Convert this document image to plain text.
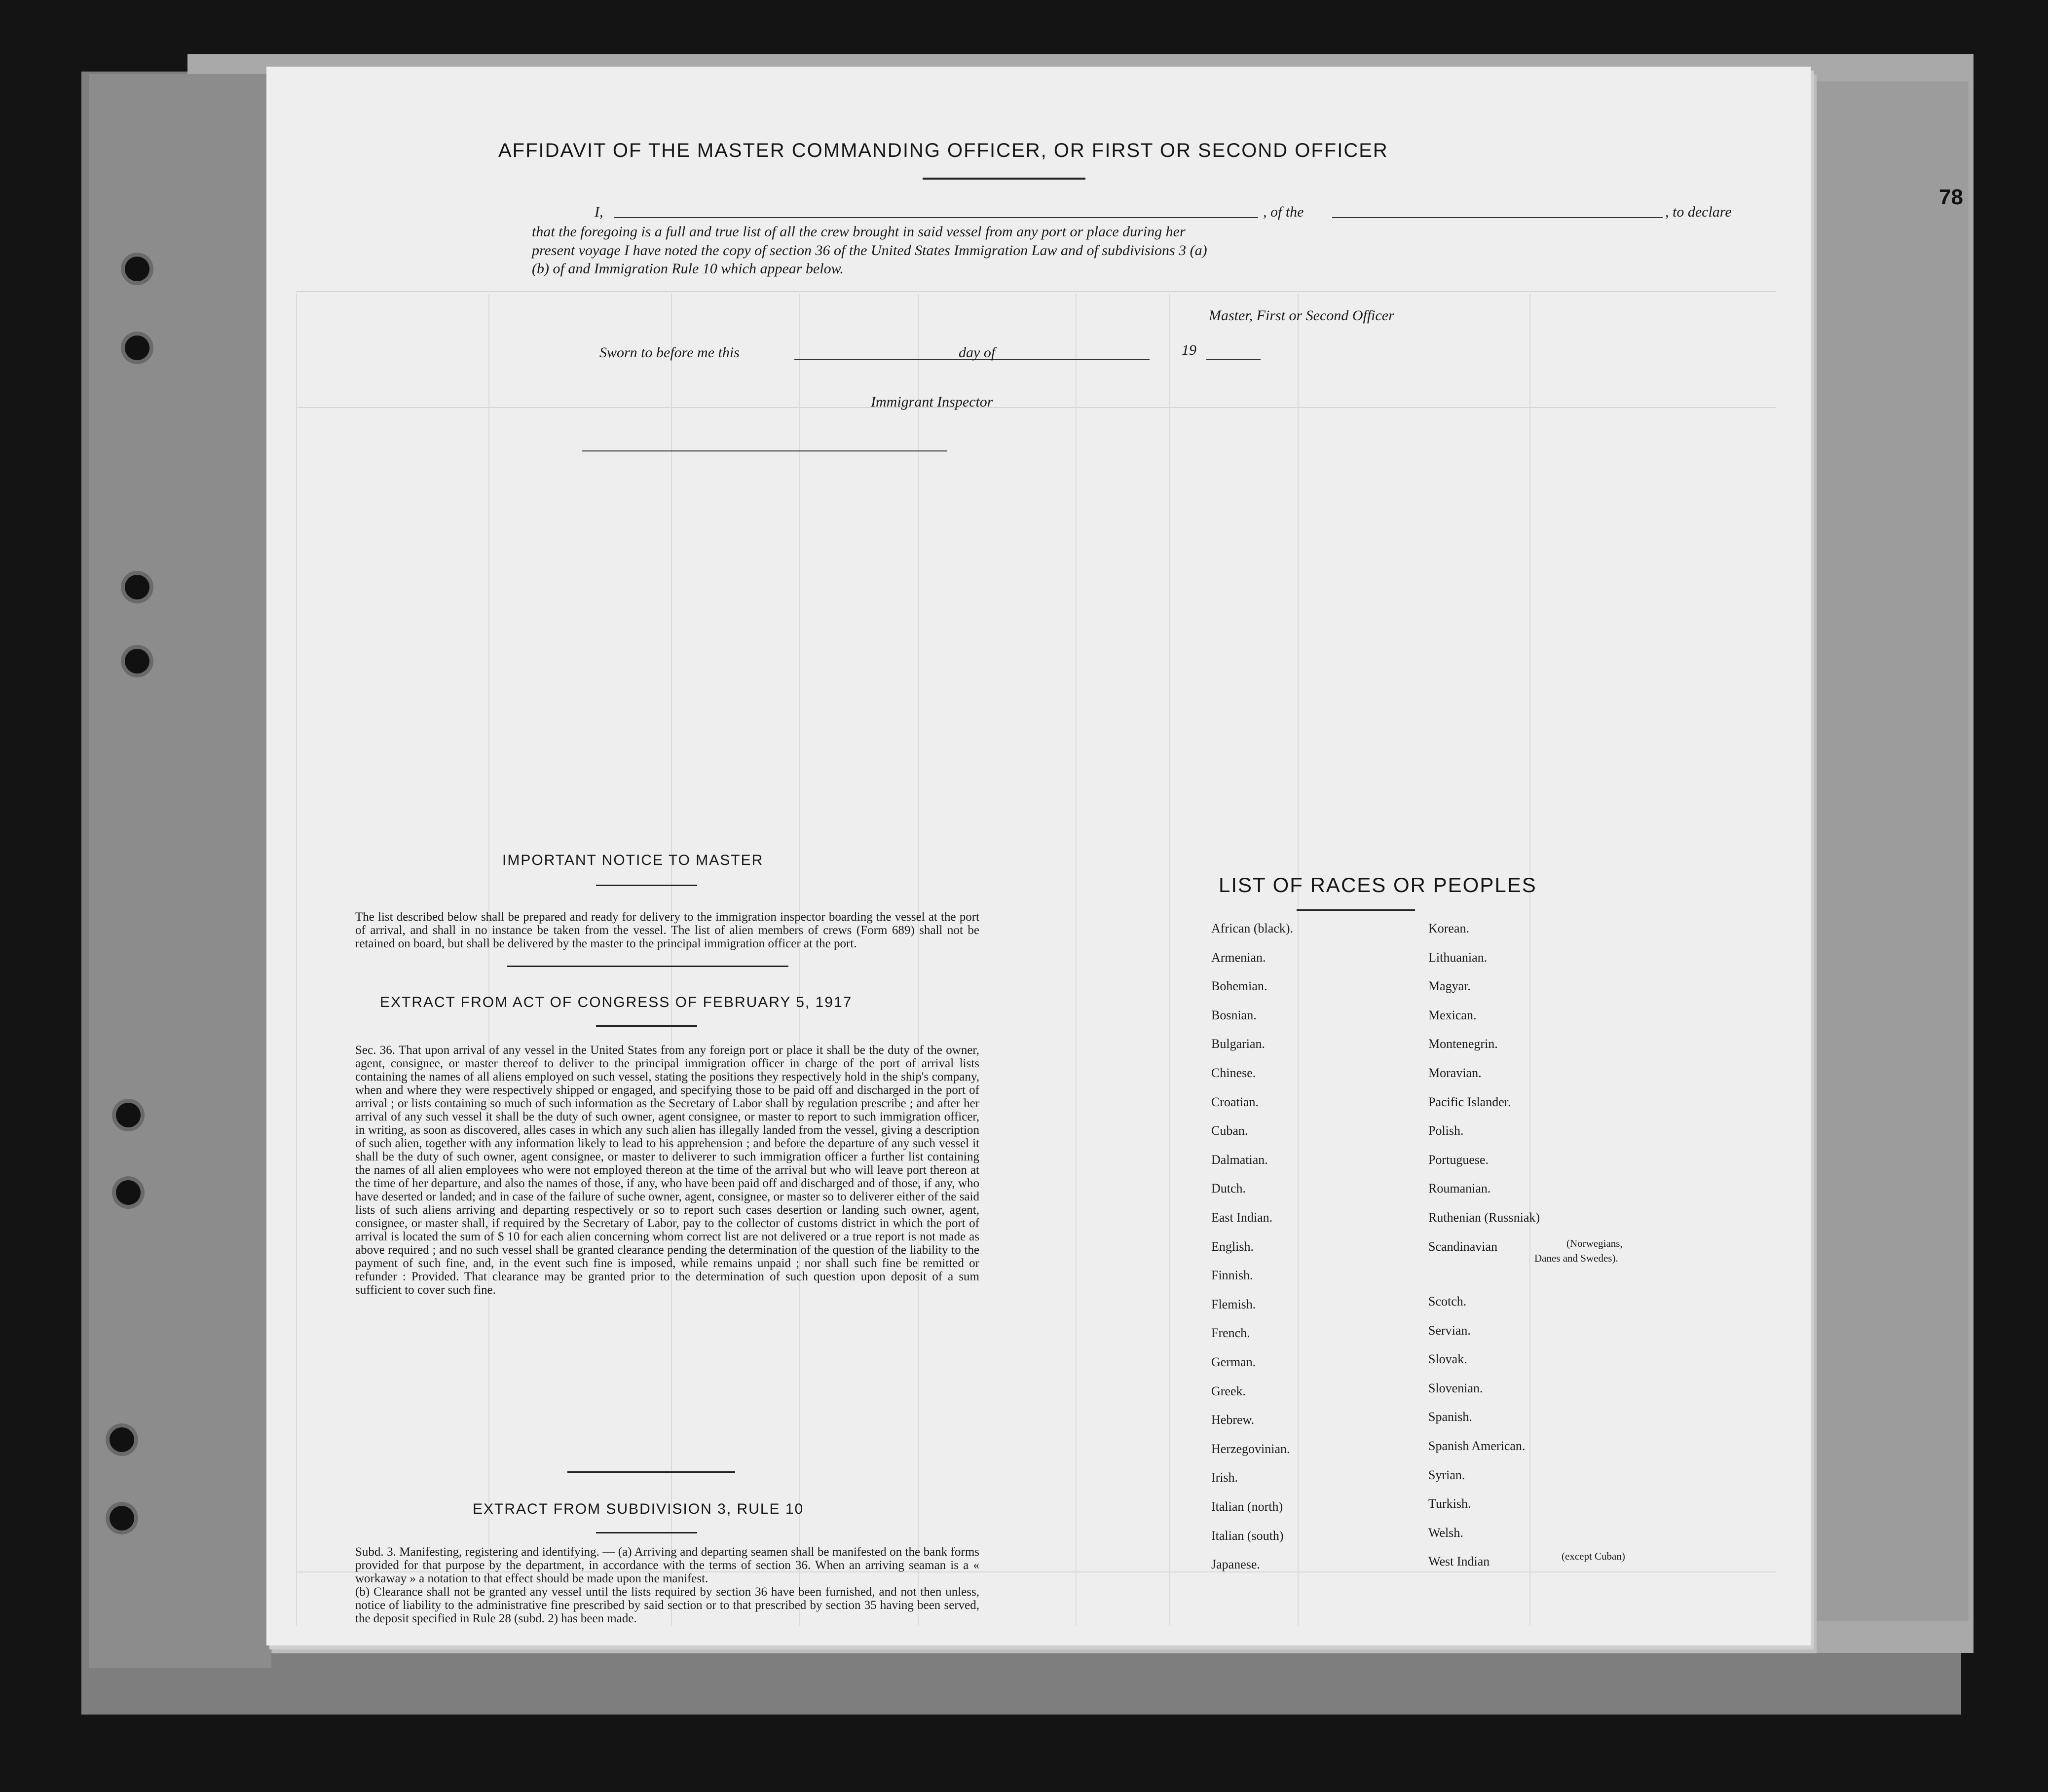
78
AFFIDAVIT OF THE MASTER COMMANDING OFFICER, OR FIRST OR SECOND OFFICER
I,	, of the	, to declare
that the foregoing is a full and true list of all the crew brought in said vessel from any port or place during her
present voyage I have noted the copy of section 36 of the United States Immigration Law and of subdivisions 3 (a)
(b) of and Immigration Rule 10 which appear below.
Master, First or Second Officer
Sworn to before me this	day of	19
Immigrant Inspector
IMPORTANT NOTICE TO MASTER
The list described below shall be prepared and ready for delivery to the immigration inspector boarding the vessel at the port of arrival, and shall in no instance be taken from the vessel. The list of alien members of crews (Form 689) shall not be retained on board, but shall be delivered by the master to the principal immigration officer at the port.
EXTRACT FROM ACT OF CONGRESS OF FEBRUARY 5, 1917
Sec. 36. That upon arrival of any vessel in the United States from any foreign port or place it shall be the duty of the owner, agent, consignee, or master thereof to deliver to the principal immigration officer in charge of the port of arrival lists containing the names of all aliens employed on such vessel, stating the positions they respectively hold in the ship's company, when and where they were respectively shipped or engaged, and specifying those to be paid off and discharged in the port of arrival ; or lists containing so much of such information as the Secretary of Labor shall by regulation prescribe ; and after her arrival of any such vessel it shall be the duty of such owner, agent consignee, or master to report to such immigration officer, in writing, as soon as discovered, alles cases in which any such alien has illegally landed from the vessel, giving a description of such alien, together with any information likely to lead to his apprehension ; and before the departure of any such vessel it shall be the duty of such owner, agent consignee, or master to deliverer to such immigration officer a further list containing the names of all alien employees who were not employed thereon at the time of the arrival but who will leave port thereon at the time of her departure, and also the names of those, if any, who have been paid off and discharged and of those, if any, who have deserted or landed; and in case of the failure of suche owner, agent, consignee, or master so to deliverer either of the said lists of such aliens arriving and departing respectively or so to report such cases desertion or landing such owner, agent, consignee, or master shall, if required by the Secretary of Labor, pay to the collector of customs district in which the port of arrival is located the sum of $ 10 for each alien concerning whom correct list are not delivered or a true report is not made as above required ; and no such vessel shall be granted clearance pending the determination of the question of the liability to the payment of such fine, and, in the event such fine is imposed, while remains unpaid ; nor shall such fine be remitted or refunder : Provided. That clearance may be granted prior to the determination of such question upon deposit of a sum sufficient to cover such fine.
EXTRACT FROM SUBDIVISION 3, RULE 10
Subd. 3. Manifesting, registering and identifying. — (a) Arriving and departing seamen shall be manifested on the bank forms provided for that purpose by the department, in accordance with the terms of section 36. When an arriving seaman is a « workaway » a notation to that effect should be made upon the manifest.
(b) Clearance shall not be granted any vessel until the lists required by section 36 have been furnished, and not then unless, notice of liability to the administrative fine prescribed by said section or to that prescribed by section 35 having been served, the deposit specified in Rule 28 (subd. 2) has been made.
LIST OF RACES OR PEOPLES
African (black).
Armenian.
Bohemian.
Bosnian.
Bulgarian.
Chinese.
Croatian.
Cuban.
Dalmatian.
Dutch.
East Indian.
English.
Finnish.
Flemish.
French.
German.
Greek.
Hebrew.
Herzegovinian.
Irish.
Italian (north)
Italian (south)
Japanese.
Korean.
Lithuanian.
Magyar.
Mexican.
Montenegrin.
Moravian.
Pacific Islander.
Polish.
Portuguese.
Roumanian.
Ruthenian (Russniak)
Scandinavian
Scotch.
Servian.
Slovak.
Slovenian.
Spanish.
Spanish American.
Syrian.
Turkish.
Welsh.
West Indian
(Norwegians,
Danes and Swedes).
(except Cuban)
